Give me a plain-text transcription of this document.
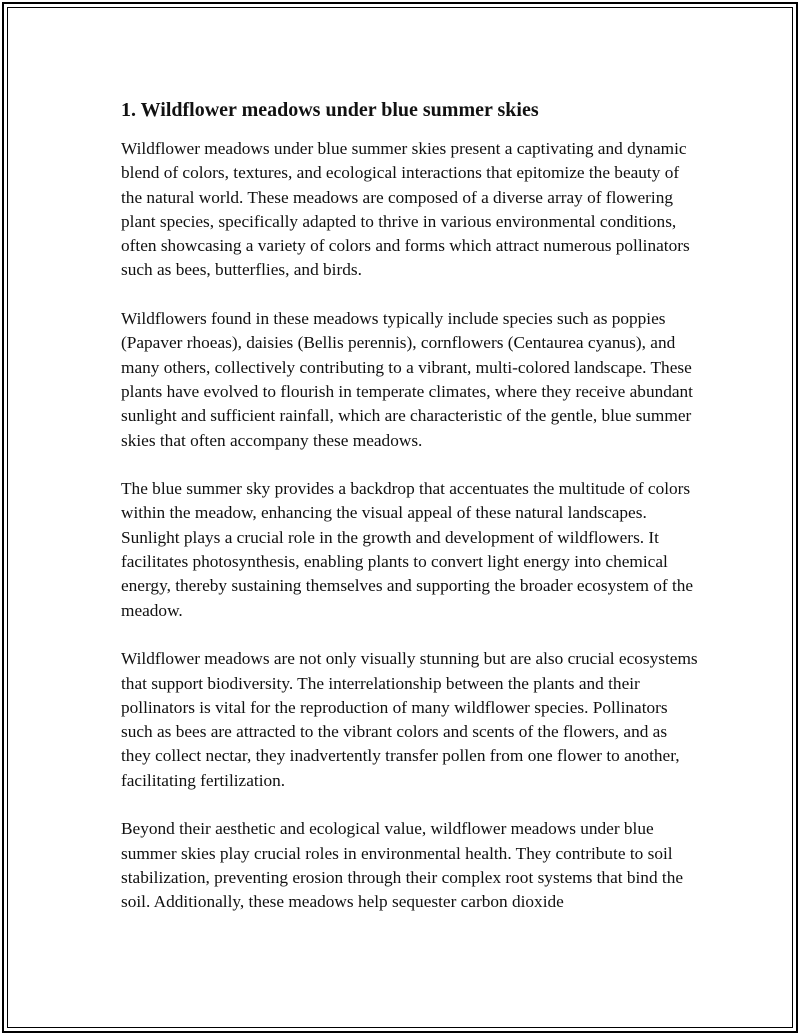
1. Wildflower meadows under blue summer skies

Wildflower meadows under blue summer skies present a captivating and dynamic blend of colors, textures, and ecological interactions that epitomize the beauty of the natural world. These meadows are composed of a diverse array of flowering plant species, specifically adapted to thrive in various environmental conditions, often showcasing a variety of colors and forms which attract numerous pollinators such as bees, butterflies, and birds.

Wildflowers found in these meadows typically include species such as poppies (Papaver rhoeas), daisies (Bellis perennis), cornflowers (Centaurea cyanus), and many others, collectively contributing to a vibrant, multi-colored landscape. These plants have evolved to flourish in temperate climates, where they receive abundant sunlight and sufficient rainfall, which are characteristic of the gentle, blue summer skies that often accompany these meadows.

The blue summer sky provides a backdrop that accentuates the multitude of colors within the meadow, enhancing the visual appeal of these natural landscapes. Sunlight plays a crucial role in the growth and development of wildflowers. It facilitates photosynthesis, enabling plants to convert light energy into chemical energy, thereby sustaining themselves and supporting the broader ecosystem of the meadow.

Wildflower meadows are not only visually stunning but are also crucial ecosystems that support biodiversity. The interrelationship between the plants and their pollinators is vital for the reproduction of many wildflower species. Pollinators such as bees are attracted to the vibrant colors and scents of the flowers, and as they collect nectar, they inadvertently transfer pollen from one flower to another, facilitating fertilization.

Beyond their aesthetic and ecological value, wildflower meadows under blue summer skies play crucial roles in environmental health. They contribute to soil stabilization, preventing erosion through their complex root systems that bind the soil. Additionally, these meadows help sequester carbon dioxide
